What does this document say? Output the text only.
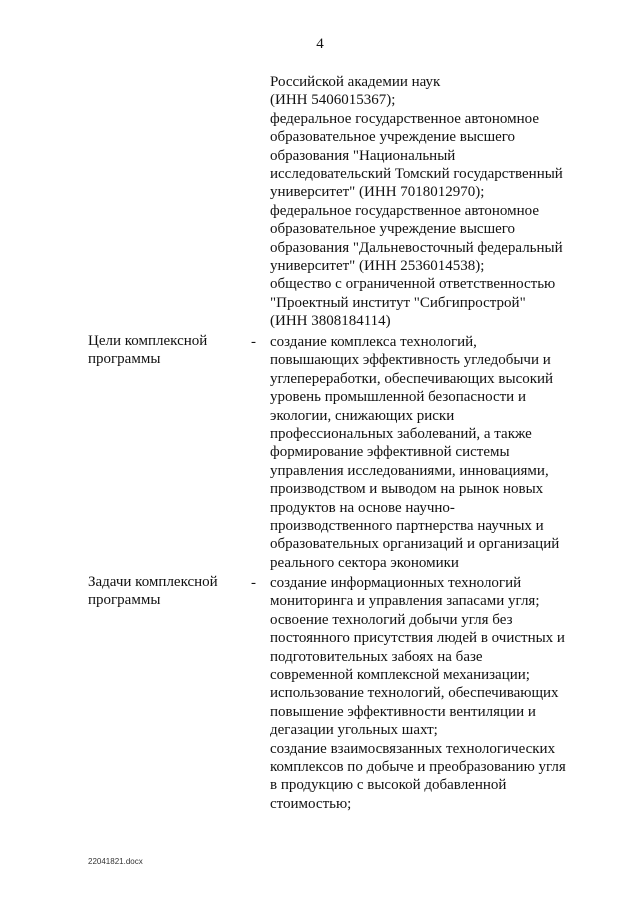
4
Российской академии наук
(ИНН 5406015367);
федеральное государственное автономное
образовательное учреждение высшего
образования "Национальный
исследовательский Томский государственный
университет" (ИНН 7018012970);
федеральное государственное автономное
образовательное учреждение высшего
образования "Дальневосточный федеральный
университет" (ИНН 2536014538);
общество с ограниченной ответственностью
"Проектный институт "Сибгипрострой"
(ИНН 3808184114)
Цели комплексной
программы
- создание комплекса технологий,
повышающих эффективность угледобычи и
углепереработки, обеспечивающих высокий
уровень промышленной безопасности и
экологии, снижающих риски
профессиональных заболеваний, а также
формирование эффективной системы
управления исследованиями, инновациями,
производством и выводом на рынок новых
продуктов на основе научно-
производственного партнерства научных и
образовательных организаций и организаций
реального сектора экономики
Задачи комплексной
программы
- создание информационных технологий
мониторинга и управления запасами угля;
освоение технологий добычи угля без
постоянного присутствия людей в очистных и
подготовительных забоях на базе
современной комплексной механизации;
использование технологий, обеспечивающих
повышение эффективности вентиляции и
дегазации угольных шахт;
создание взаимосвязанных технологических
комплексов по добыче и преобразованию угля
в продукцию с высокой добавленной
стоимостью;
22041821.docx
